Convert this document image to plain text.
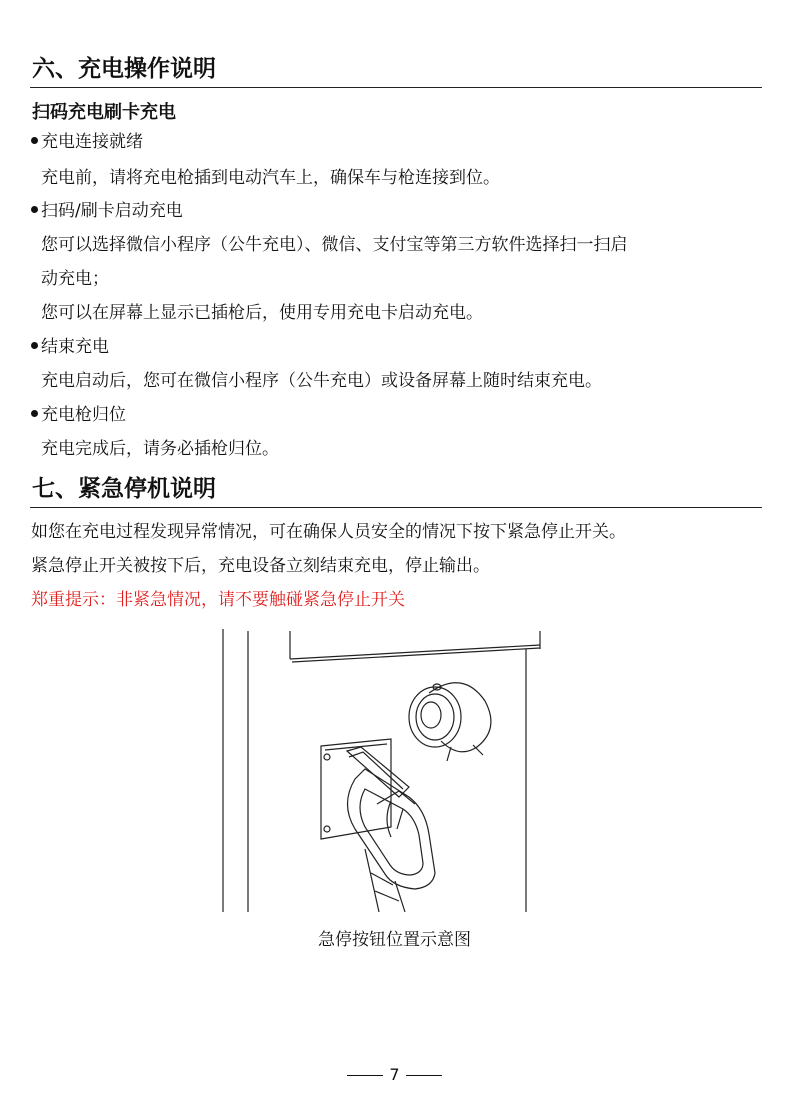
六、充电操作说明
扫码充电刷卡充电
充电连接就绪
充电前，请将充电枪插到电动汽车上，确保车与枪连接到位。
扫码/刷卡启动充电
您可以选择微信小程序（公牛充电）、微信、支付宝等第三方软件选择扫一扫启
动充电；
您可以在屏幕上显示已插枪后，使用专用充电卡启动充电。
结束充电
充电启动后，您可在微信小程序（公牛充电）或设备屏幕上随时结束充电。
充电枪归位
充电完成后，请务必插枪归位。
七、紧急停机说明
如您在充电过程发现异常情况，可在确保人员安全的情况下按下紧急停止开关。
紧急停止开关被按下后，充电设备立刻结束充电，停止输出。
郑重提示：非紧急情况，请不要触碰紧急停止开关
急停按钮位置示意图
7
